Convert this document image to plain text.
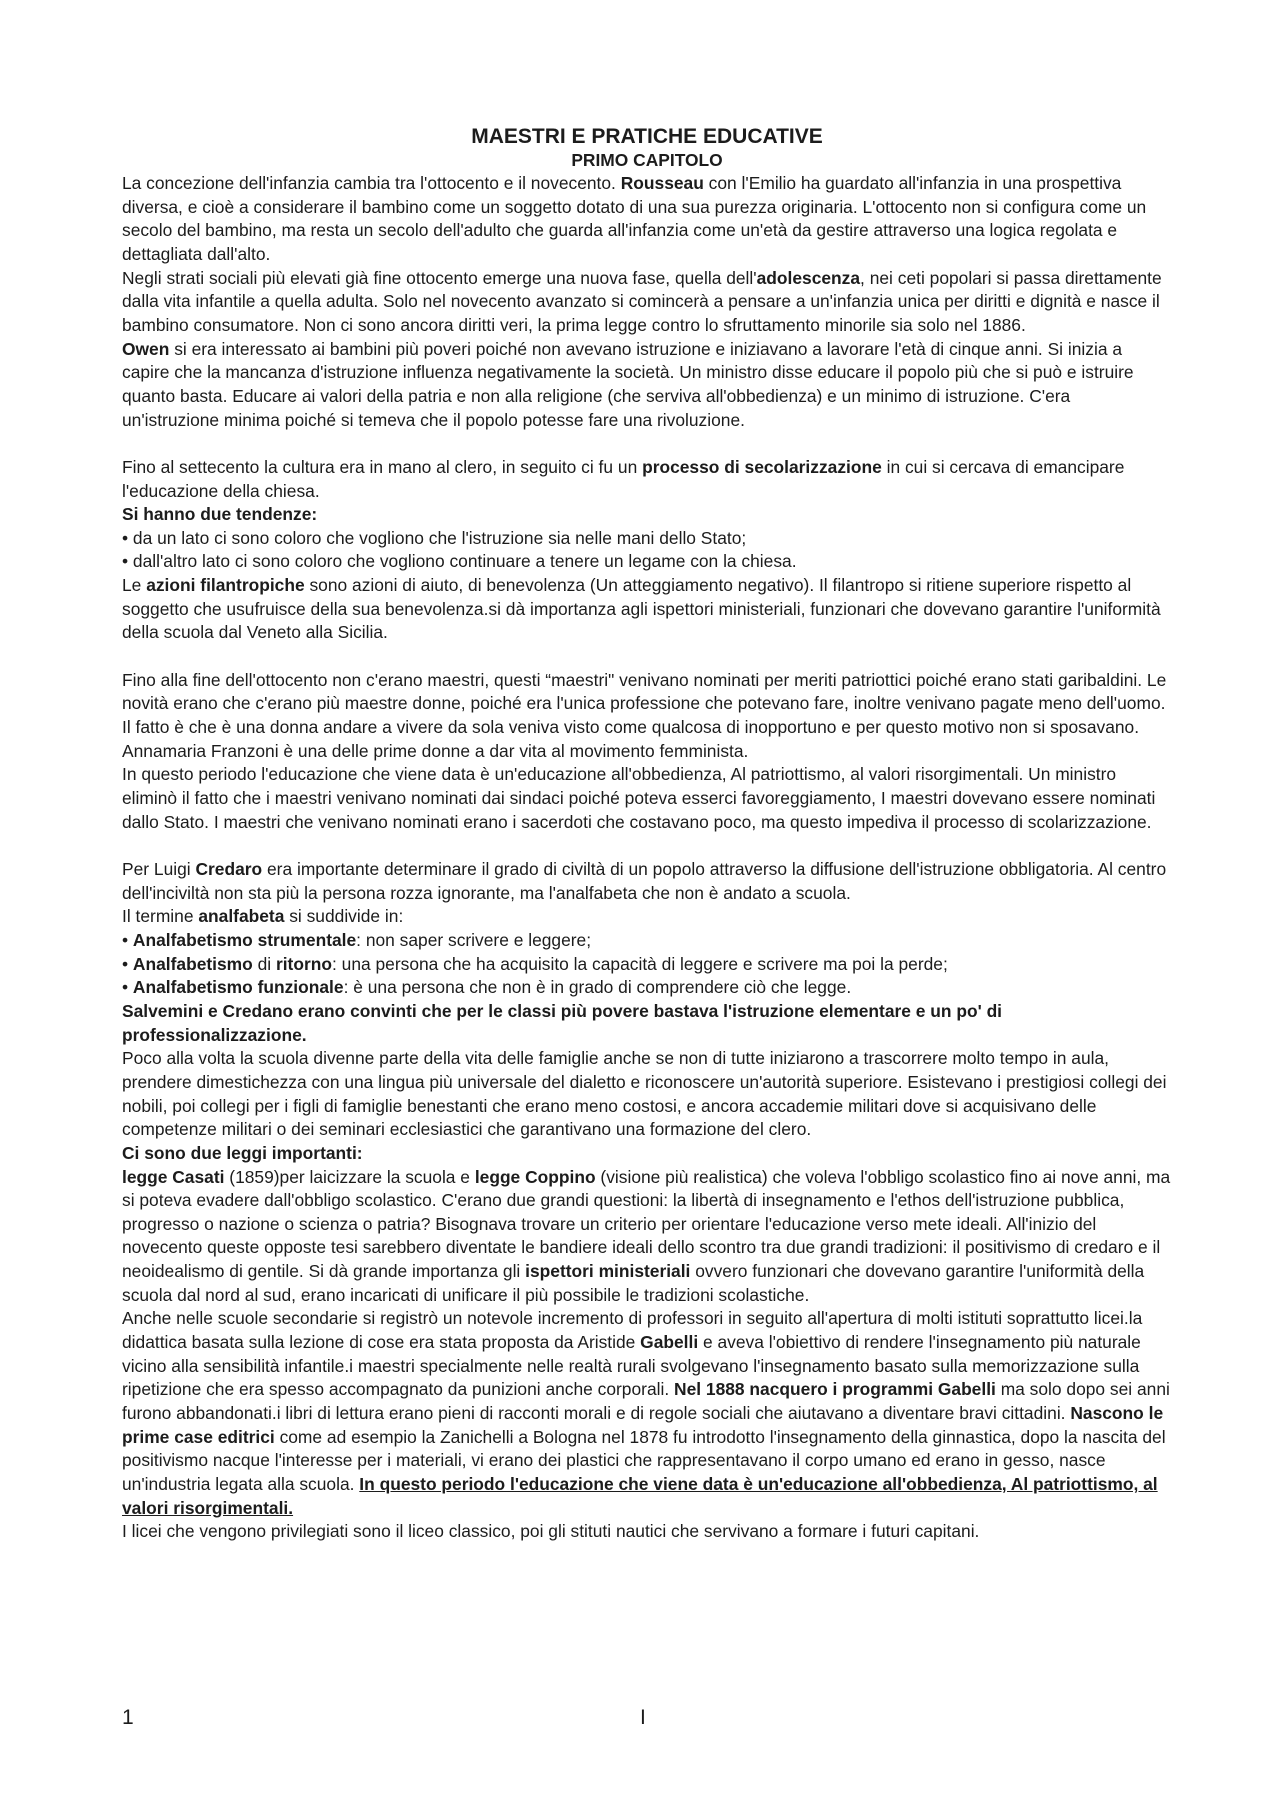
MAESTRI E PRATICHE EDUCATIVE

PRIMO CAPITOLO

La concezione dell'infanzia cambia tra l'ottocento e il novecento. Rousseau con l'Emilio ha guardato all'infanzia in una prospettiva diversa, e cioè a considerare il bambino come un soggetto dotato di una sua purezza originaria. L'ottocento non si configura come un secolo del bambino, ma resta un secolo dell'adulto che guarda all'infanzia come un'età da gestire attraverso una logica regolata e dettagliata dall'alto.

Negli strati sociali più elevati già fine ottocento emerge una nuova fase, quella dell'adolescenza, nei ceti popolari si passa direttamente dalla vita infantile a quella adulta. Solo nel novecento avanzato si comincerà a pensare a un'infanzia unica per diritti e dignità e nasce il bambino consumatore. Non ci sono ancora diritti veri, la prima legge contro lo sfruttamento minorile sia solo nel 1886.

Owen si era interessato ai bambini più poveri poiché non avevano istruzione e iniziavano a lavorare l'età di cinque anni. Si inizia a capire che la mancanza d'istruzione influenza negativamente la società. Un ministro disse educare il popolo più che si può e istruire quanto basta. Educare ai valori della patria e non alla religione (che serviva all'obbedienza) e un minimo di istruzione. C'era un'istruzione minima poiché si temeva che il popolo potesse fare una rivoluzione.

Fino al settecento la cultura era in mano al clero, in seguito ci fu un processo di secolarizzazione in cui si cercava di emancipare l'educazione della chiesa.

Si hanno due tendenze:

• da un lato ci sono coloro che vogliono che l'istruzione sia nelle mani dello Stato;

• dall'altro lato ci sono coloro che vogliono continuare a tenere un legame con la chiesa.

Le azioni filantropiche sono azioni di aiuto, di benevolenza (Un atteggiamento negativo). Il filantropo si ritiene superiore rispetto al soggetto che usufruisce della sua benevolenza.si dà importanza agli ispettori ministeriali, funzionari che dovevano garantire l'uniformità della scuola dal Veneto alla Sicilia.

Fino alla fine dell'ottocento non c'erano maestri, questi “maestri" venivano nominati per meriti patriottici poiché erano stati garibaldini. Le novità erano che c'erano più maestre donne, poiché era l'unica professione che potevano fare, inoltre venivano pagate meno dell'uomo. Il fatto è che è una donna andare a vivere da sola veniva visto come qualcosa di inopportuno e per questo motivo non si sposavano. Annamaria Franzoni è una delle prime donne a dar vita al movimento femminista.

In questo periodo l'educazione che viene data è un'educazione all'obbedienza, Al patriottismo, al valori risorgimentali. Un ministro eliminò il fatto che i maestri venivano nominati dai sindaci poiché poteva esserci favoreggiamento, I maestri dovevano essere nominati dallo Stato. I maestri che venivano nominati erano i sacerdoti che costavano poco, ma questo impediva il processo di scolarizzazione.

Per Luigi Credaro era importante determinare il grado di civiltà di un popolo attraverso la diffusione dell'istruzione obbligatoria. Al centro dell'inciviltà non sta più la persona rozza ignorante, ma l'analfabeta che non è andato a scuola.

Il termine analfabeta si suddivide in:

• Analfabetismo strumentale: non saper scrivere e leggere;

• Analfabetismo di ritorno: una persona che ha acquisito la capacità di leggere e scrivere ma poi la perde;

• Analfabetismo funzionale: è una persona che non è in grado di comprendere ciò che legge.

Salvemini e Credano erano convinti che per le classi più povere bastava l'istruzione elementare e un po' di professionalizzazione.

Poco alla volta la scuola divenne parte della vita delle famiglie anche se non di tutte iniziarono a trascorrere molto tempo in aula, prendere dimestichezza con una lingua più universale del dialetto e riconoscere un'autorità superiore. Esistevano i prestigiosi collegi dei nobili, poi collegi per i figli di famiglie benestanti che erano meno costosi, e ancora accademie militari dove si acquisivano delle competenze militari o dei seminari ecclesiastici che garantivano una formazione del clero.

Ci sono due leggi importanti:

legge Casati (1859)per laicizzare la scuola e legge Coppino (visione più realistica) che voleva l'obbligo scolastico fino ai nove anni, ma si poteva evadere dall'obbligo scolastico. C'erano due grandi questioni: la libertà di insegnamento e l'ethos dell'istruzione pubblica, progresso o nazione o scienza o patria? Bisognava trovare un criterio per orientare l'educazione verso mete ideali. All'inizio del novecento queste opposte tesi sarebbero diventate le bandiere ideali dello scontro tra due grandi tradizioni: il positivismo di credaro e il neoidealismo di gentile. Si dà grande importanza gli ispettori ministeriali ovvero funzionari che dovevano garantire l'uniformità della scuola dal nord al sud, erano incaricati di unificare il più possibile le tradizioni scolastiche.

Anche nelle scuole secondarie si registrò un notevole incremento di professori in seguito all'apertura di molti istituti soprattutto licei.la didattica basata sulla lezione di cose era stata proposta da Aristide Gabelli e aveva l'obiettivo di rendere l'insegnamento più naturale vicino alla sensibilità infantile.i maestri specialmente nelle realtà rurali svolgevano l'insegnamento basato sulla memorizzazione sulla ripetizione che era spesso accompagnato da punizioni anche corporali. Nel 1888 nacquero i programmi Gabelli ma solo dopo sei anni furono abbandonati.i libri di lettura erano pieni di racconti morali e di regole sociali che aiutavano a diventare bravi cittadini. Nascono le prime case editrici come ad esempio la Zanichelli a Bologna nel 1878 fu introdotto l'insegnamento della ginnastica, dopo la nascita del positivismo nacque l'interesse per i materiali, vi erano dei plastici che rappresentavano il corpo umano ed erano in gesso, nasce un'industria legata alla scuola. In questo periodo l'educazione che viene data è un'educazione all'obbedienza, Al patriottismo, al valori risorgimentali.

I licei che vengono privilegiati sono il liceo classico, poi gli stituti nautici che servivano a formare i futuri capitani.

1	I
